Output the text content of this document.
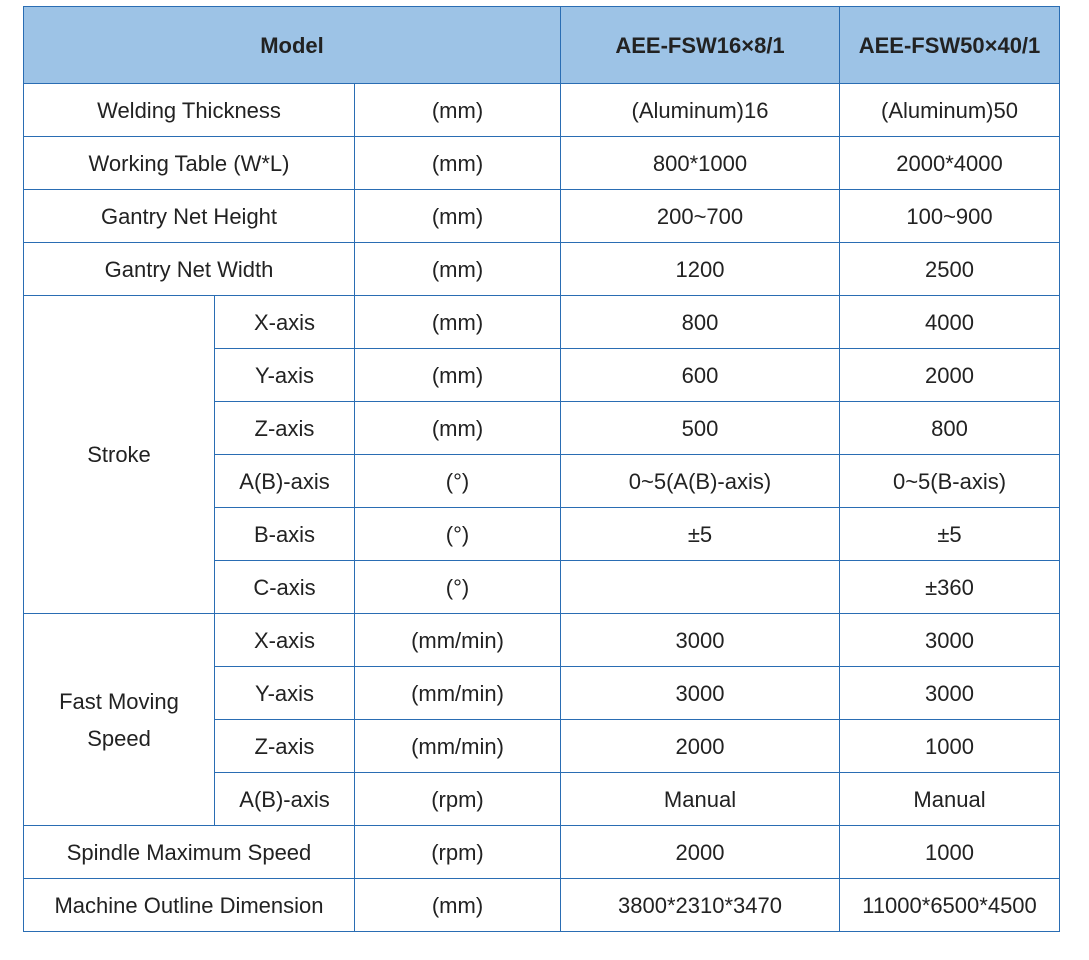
Model			AEE-FSW16×8/1	AEE-FSW50×40/1
Welding Thickness		(mm)	(Aluminum)16	(Aluminum)50
Working Table (W*L)		(mm)	800*1000	2000*4000
Gantry Net Height		(mm)	200~700	100~900
Gantry Net Width		(mm)	1200	2500
Stroke	X-axis	(mm)	800	4000
	Y-axis	(mm)	600	2000
	Z-axis	(mm)	500	800
	A(B)-axis	(°)	0~5(A(B)-axis)	0~5(B-axis)
	B-axis	(°)	±5	±5
	C-axis	(°)		±360
Fast Moving Speed	X-axis	(mm/min)	3000	3000
	Y-axis	(mm/min)	3000	3000
	Z-axis	(mm/min)	2000	1000
	A(B)-axis	(rpm)	Manual	Manual
Spindle Maximum Speed		(rpm)	2000	1000
Machine Outline Dimension		(mm)	3800*2310*3470	11000*6500*4500
